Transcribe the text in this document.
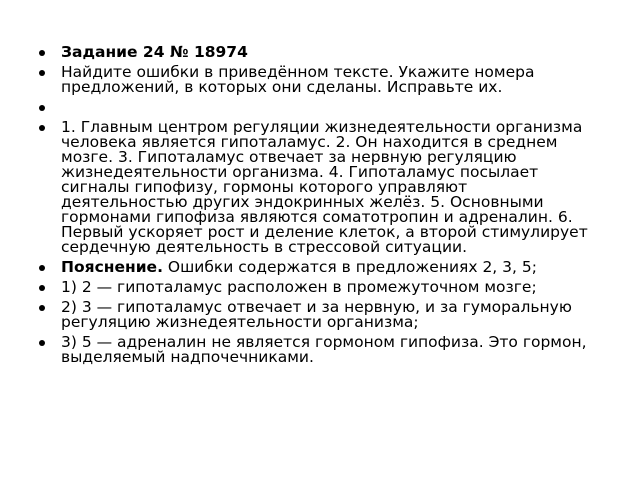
Задание 24 № 18974
Найдите ошибки в приведённом тексте. Укажите номера предложений, в которых они сделаны. Исправьте их.
1. Главным центром регуляции жизнедеятельности организма человека является гипоталамус. 2. Он находится в среднем мозге. 3. Гипоталамус отвечает за нервную регуляцию жизнедеятельности организма. 4. Гипоталамус посылает сигналы гипофизу, гормоны которого управляют деятельностью других эндокринных желёз. 5. Основными гормонами гипофиза являются соматотропин и адреналин. 6. Первый ускоряет рост и деление клеток, а второй стимулирует сердечную деятельность в стрессовой ситуации.
Пояснение. Ошибки содержатся в предложениях 2, 3, 5;
1) 2 — гипоталамус расположен в промежуточном мозге;
2) 3 — гипоталамус отвечает и за нервную, и за гуморальную регуляцию жизнедеятельности организма;
3) 5 — адреналин не является гормоном гипофиза. Это гормон, выделяемый надпочечниками.
